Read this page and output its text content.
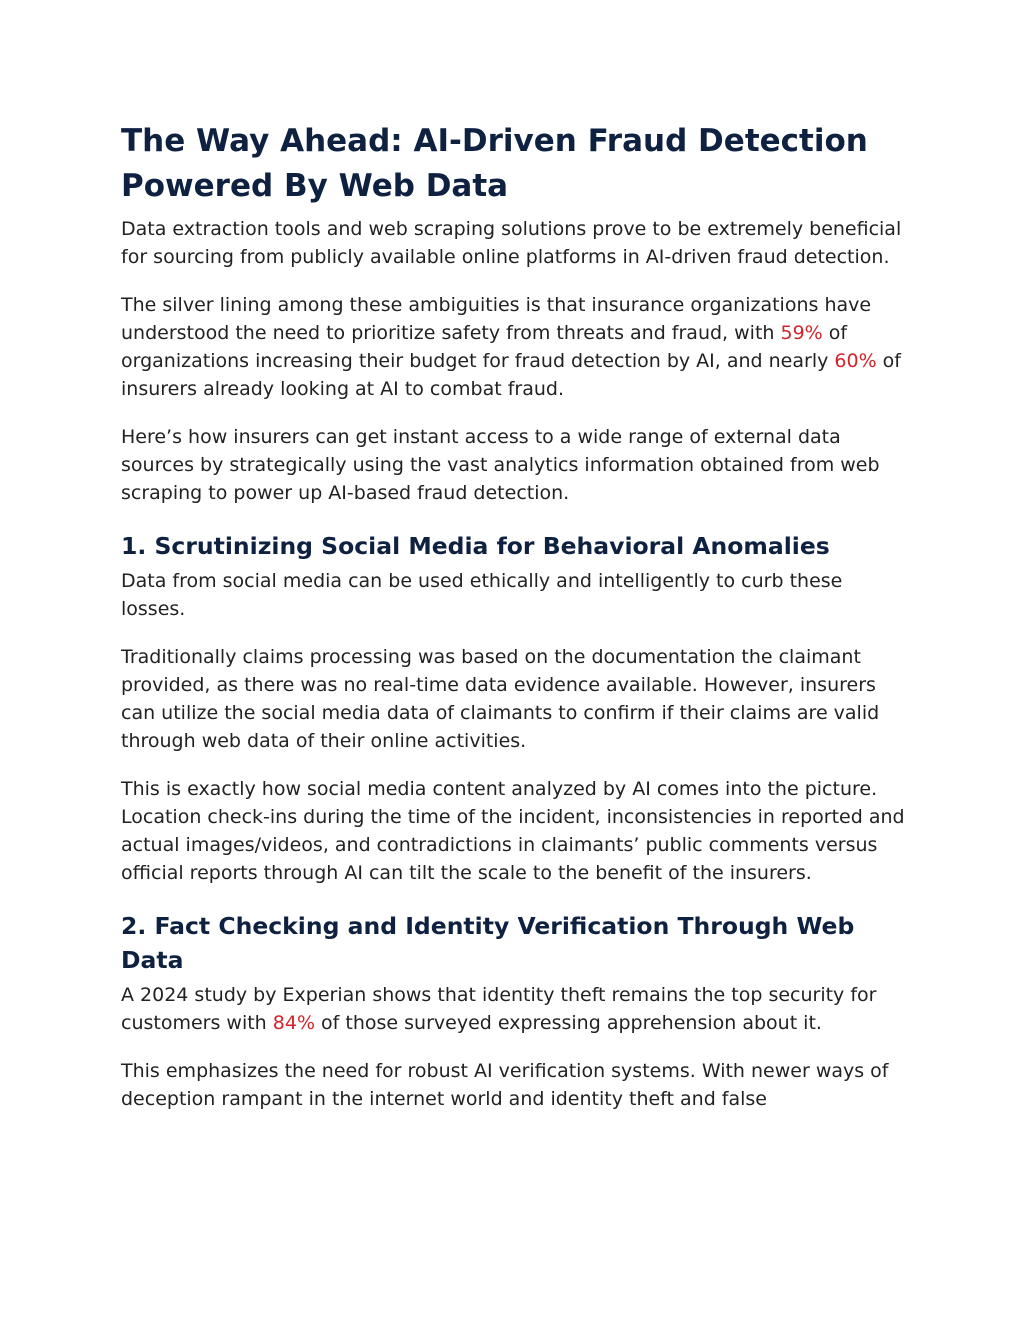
The Way Ahead: AI-Driven Fraud Detection
Powered By Web Data

Data extraction tools and web scraping solutions prove to be extremely beneficial for sourcing from publicly available online platforms in AI-driven fraud detection.

The silver lining among these ambiguities is that insurance organizations have understood the need to prioritize safety from threats and fraud, with 59% of organizations increasing their budget for fraud detection by AI, and nearly 60% of insurers already looking at AI to combat fraud.

Here’s how insurers can get instant access to a wide range of external data sources by strategically using the vast analytics information obtained from web scraping to power up AI-based fraud detection.

1. Scrutinizing Social Media for Behavioral Anomalies

Data from social media can be used ethically and intelligently to curb these losses.

Traditionally claims processing was based on the documentation the claimant provided, as there was no real-time data evidence available. However, insurers can utilize the social media data of claimants to confirm if their claims are valid through web data of their online activities.

This is exactly how social media content analyzed by AI comes into the picture. Location check-ins during the time of the incident, inconsistencies in reported and actual images/videos, and contradictions in claimants’ public comments versus official reports through AI can tilt the scale to the benefit of the insurers.

2. Fact Checking and Identity Verification Through Web
Data

A 2024 study by Experian shows that identity theft remains the top security for customers with 84% of those surveyed expressing apprehension about it.

This emphasizes the need for robust AI verification systems. With newer ways of deception rampant in the internet world and identity theft and false
